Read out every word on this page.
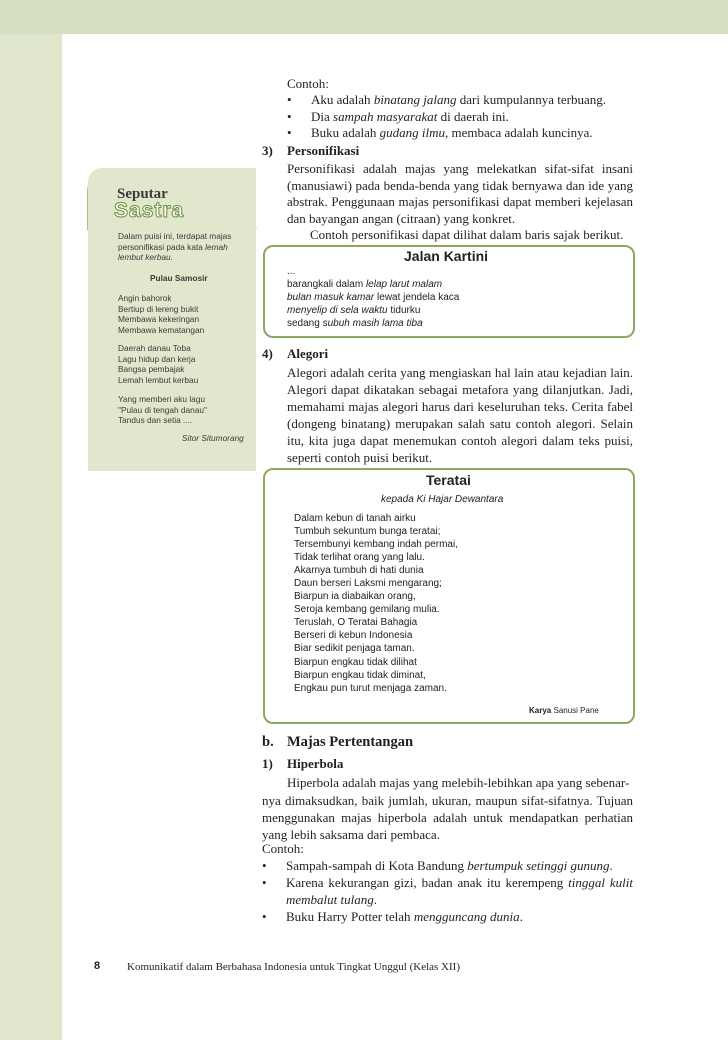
Seputar
Sastra
Dalam puisi ini, terdapat majas
personifikasi pada kata lemah
lembut kerbau.
Pulau Samosir
Angin bahorok
Bertiup di lereng bukit
Membawa kekeringan
Membawa kematangan
Daerah danau Toba
Lagu hidup dan kerja
Bangsa pembajak
Lemah lembut kerbau
Yang memberi aku lagu
"Pulau di tengah danau"
Tandus dan setia ....
Sitor Situmorang
Contoh:
• Aku adalah binatang jalang dari kumpulannya terbuang.
• Dia sampah masyarakat di daerah ini.
• Buku adalah gudang ilmu, membaca adalah kuncinya.
3) Personifikasi
Personifikasi adalah majas yang melekatkan sifat-sifat insani (manusiawi) pada benda-benda yang tidak bernyawa dan ide yang abstrak. Penggunaan majas personifikasi dapat memberi kejelasan dan bayangan angan (citraan) yang konkret.
Contoh personifikasi dapat dilihat dalam baris sajak berikut.
Jalan Kartini
...
barangkali dalam lelap larut malam
bulan masuk kamar lewat jendela kaca
menyelip di sela waktu tidurku
sedang subuh masih lama tiba
4) Alegori
Alegori adalah cerita yang mengiaskan hal lain atau kejadian lain. Alegori dapat dikatakan sebagai metafora yang dilanjutkan. Jadi, memahami majas alegori harus dari keseluruhan teks. Cerita fabel (dongeng binatang) merupakan salah satu contoh alegori. Selain itu, kita juga dapat menemukan contoh alegori dalam teks puisi, seperti contoh puisi berikut.
Teratai
kepada Ki Hajar Dewantara
Dalam kebun di tanah airku
Tumbuh sekuntum bunga teratai;
Tersembunyi kembang indah permai,
Tidak terlihat orang yang lalu.
Akarnya tumbuh di hati dunia
Daun berseri Laksmi mengarang;
Biarpun ia diabaikan orang,
Seroja kembang gemilang mulia.
Teruslah, O Teratai Bahagia
Berseri di kebun Indonesia
Biar sedikit penjaga taman.
Biarpun engkau tidak dilihat
Biarpun engkau tidak diminat,
Engkau pun turut menjaga zaman.
Karya Sanusi Pane
b. Majas Pertentangan
1) Hiperbola
Hiperbola adalah majas yang melebih-lebihkan apa yang sebenar-
nya dimaksudkan, baik jumlah, ukuran, maupun sifat-sifatnya. Tujuan menggunakan majas hiperbola adalah untuk mendapatkan perhatian yang lebih saksama dari pembaca.
Contoh:
•	Sampah-sampah di Kota Bandung bertumpuk setinggi gunung.
•	Karena kekurangan gizi, badan anak itu kerempeng tinggal kulit membalut tulang.
•	Buku Harry Potter telah mengguncang dunia.
8 Komunikatif dalam Berbahasa Indonesia untuk Tingkat Unggul (Kelas XII)
